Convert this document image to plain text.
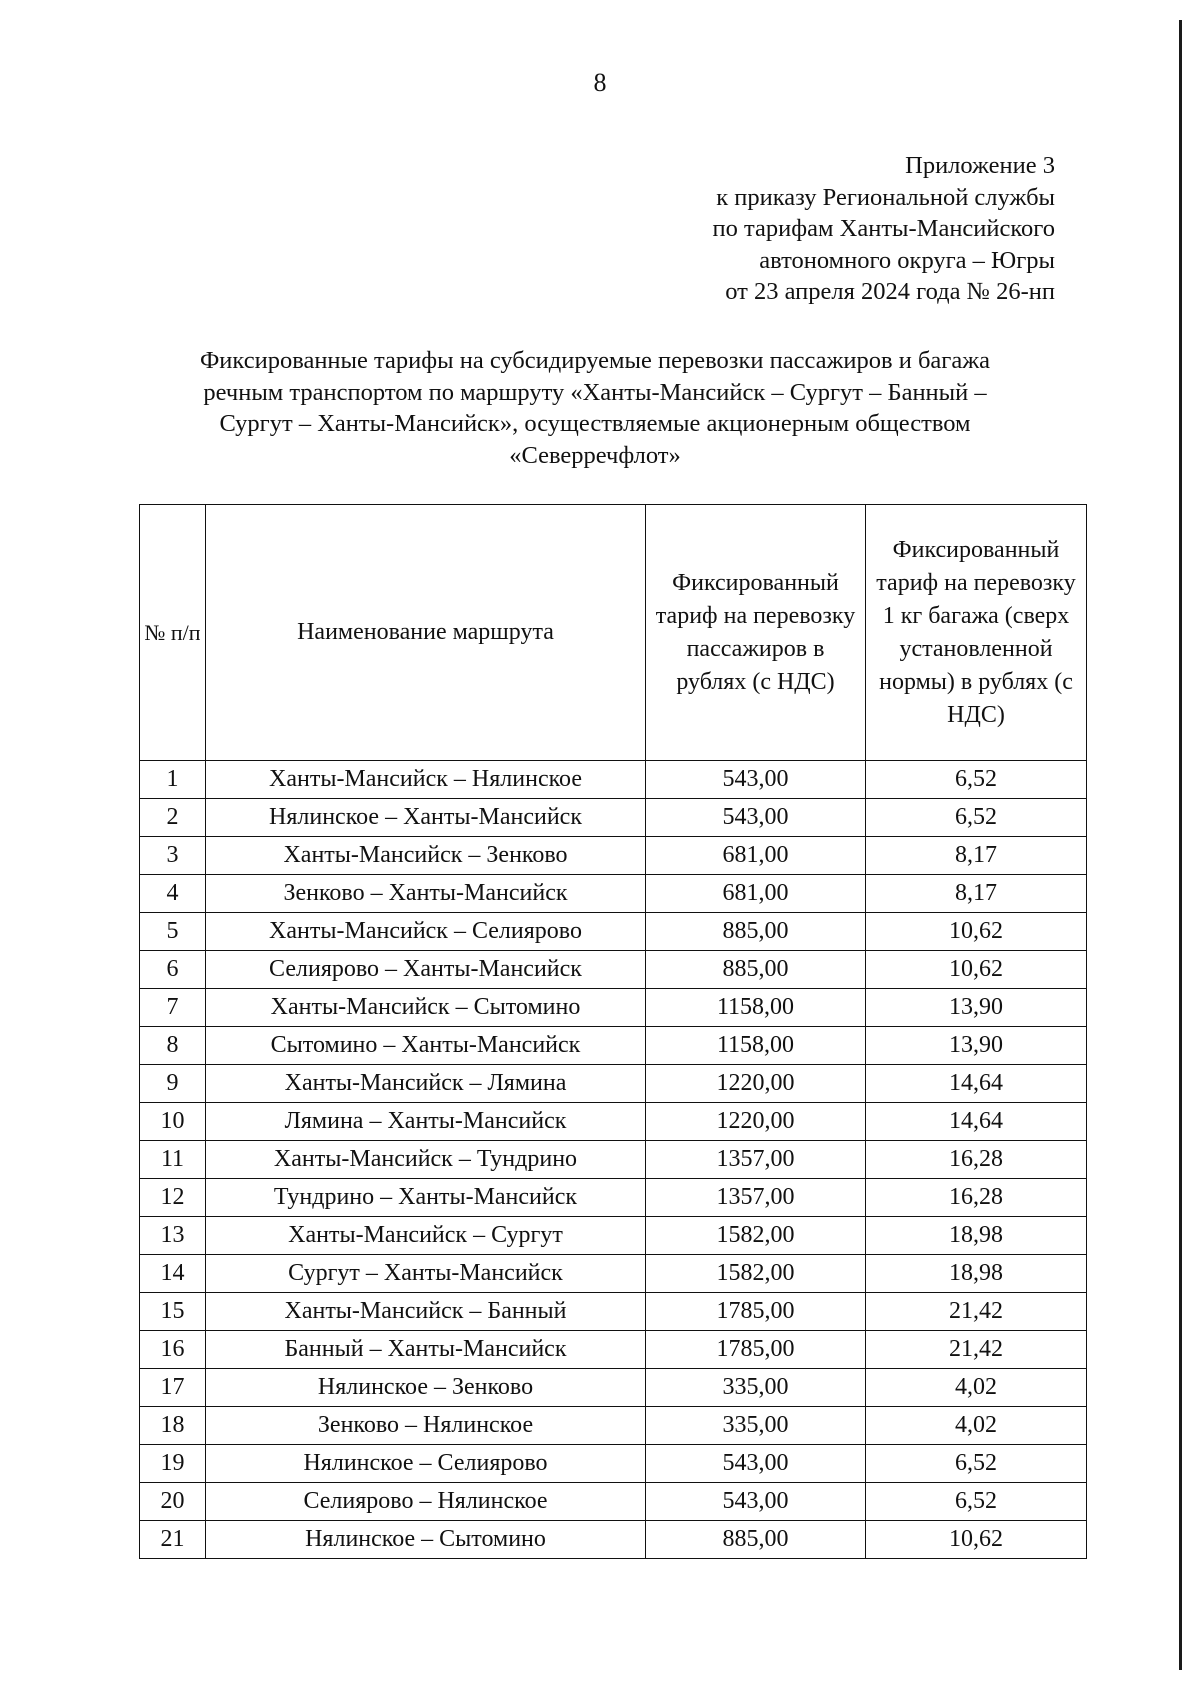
8
Приложение 3
к приказу Региональной службы
по тарифам Ханты-Мансийского
автономного округа – Югры
от 23 апреля 2024 года № 26-нп
Фиксированные тарифы на субсидируемые перевозки пассажиров и багажа
речным транспортом по маршруту «Ханты-Мансийск – Сургут – Банный –
Сургут – Ханты-Мансийск», осуществляемые акционерным обществом
«Северречфлот»
№ п/п	Наименование маршрута	Фиксированный тариф на перевозку пассажиров в рублях (с НДС)	Фиксированный тариф на перевозку 1 кг багажа (сверх установленной нормы) в рублях (с НДС)
1	Ханты-Мансийск – Нялинское	543,00	6,52
2	Нялинское – Ханты-Мансийск	543,00	6,52
3	Ханты-Мансийск – Зенково	681,00	8,17
4	Зенково – Ханты-Мансийск	681,00	8,17
5	Ханты-Мансийск – Селиярово	885,00	10,62
6	Селиярово – Ханты-Мансийск	885,00	10,62
7	Ханты-Мансийск – Сытомино	1158,00	13,90
8	Сытомино – Ханты-Мансийск	1158,00	13,90
9	Ханты-Мансийск – Лямина	1220,00	14,64
10	Лямина – Ханты-Мансийск	1220,00	14,64
11	Ханты-Мансийск – Тундрино	1357,00	16,28
12	Тундрино – Ханты-Мансийск	1357,00	16,28
13	Ханты-Мансийск – Сургут	1582,00	18,98
14	Сургут – Ханты-Мансийск	1582,00	18,98
15	Ханты-Мансийск – Банный	1785,00	21,42
16	Банный – Ханты-Мансийск	1785,00	21,42
17	Нялинское – Зенково	335,00	4,02
18	Зенково – Нялинское	335,00	4,02
19	Нялинское – Селиярово	543,00	6,52
20	Селиярово – Нялинское	543,00	6,52
21	Нялинское – Сытомино	885,00	10,62
